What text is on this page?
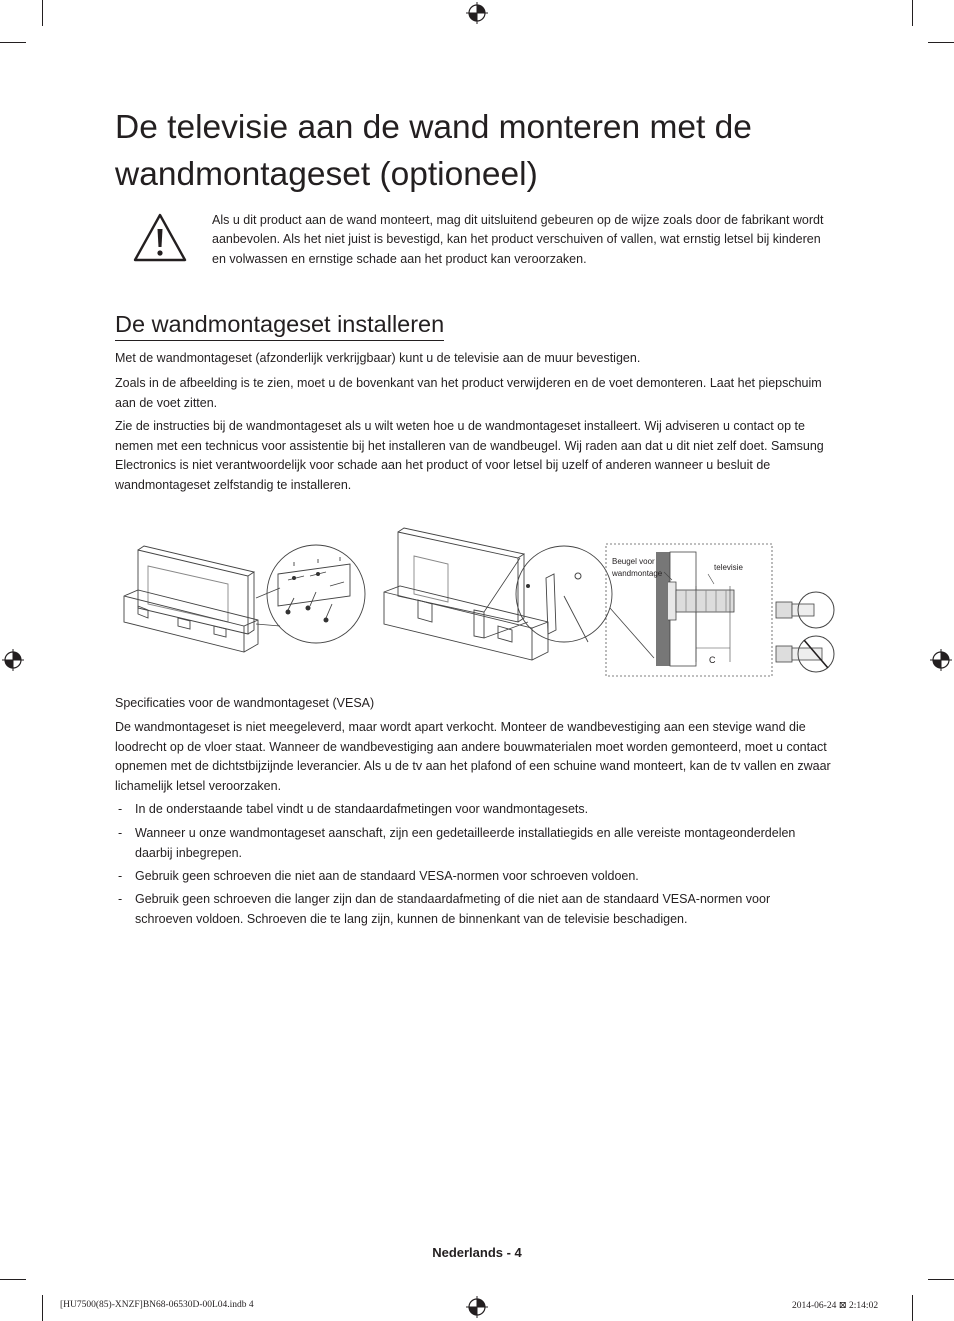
De televisie aan de wand monteren met de wandmontageset (optioneel)

Als u dit product aan de wand monteert, mag dit uitsluitend gebeuren op de wijze zoals door de fabrikant wordt aanbevolen. Als het niet juist is bevestigd, kan het product verschuiven of vallen, wat ernstig letsel bij kinderen en volwassen en ernstige schade aan het product kan veroorzaken.

De wandmontageset installeren

Met de wandmontageset (afzonderlijk verkrijgbaar) kunt u de televisie aan de muur bevestigen.

Zoals in de afbeelding is te zien, moet u de bovenkant van het product verwijderen en de voet demonteren. Laat het piepschuim aan de voet zitten.

Zie de instructies bij de wandmontageset als u wilt weten hoe u de wandmontageset installeert. Wij adviseren u contact op te nemen met een technicus voor assistentie bij het installeren van de wandbeugel. Wij raden aan dat u dit niet zelf doet. Samsung Electronics is niet verantwoordelijk voor schade aan het product of voor letsel bij uzelf of anderen wanneer u besluit de wandmontageset zelfstandig te installeren.

Beugel voor
wandmontage
televisie
C

Specificaties voor de wandmontageset (VESA)

De wandmontageset is niet meegeleverd, maar wordt apart verkocht. Monteer de wandbevestiging aan een stevige wand die loodrecht op de vloer staat. Wanneer de wandbevestiging aan andere bouwmaterialen moet worden gemonteerd, moet u contact opnemen met de dichtstbijzijnde leverancier. Als u de tv aan het plafond of een schuine wand monteert, kan de tv vallen en zwaar lichamelijk letsel veroorzaken.

- In de onderstaande tabel vindt u de standaardafmetingen voor wandmontagesets.

- Wanneer u onze wandmontageset aanschaft, zijn een gedetailleerde installatiegids en alle vereiste montageonderdelen daarbij inbegrepen.

- Gebruik geen schroeven die niet aan de standaard VESA-normen voor schroeven voldoen.

- Gebruik geen schroeven die langer zijn dan de standaardafmeting of die niet aan de standaard VESA-normen voor schroeven voldoen. Schroeven die te lang zijn, kunnen de binnenkant van de televisie beschadigen.

Nederlands - 4
[HU7500(85)-XNZF]BN68-06530D-00L04.indb 4	2014-06-24 ⊠ 2:14:02
